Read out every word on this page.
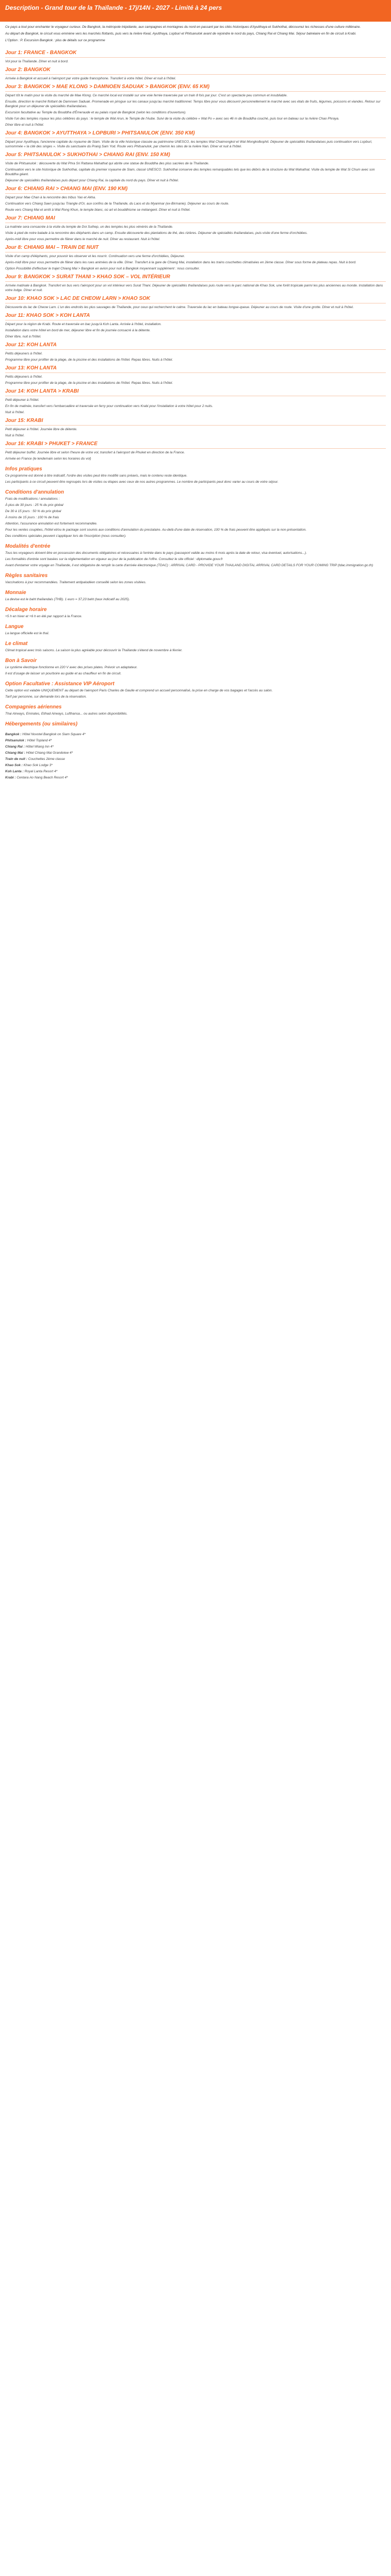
Description - Grand tour de la Thaïlande - 17j/14N - 2027 - Limité à 24 pers

Ce pays a tout pour enchanter le voyageur curieux. De Bangkok, la métropole trépidante, aux campagnes et montagnes du nord en passant par les cités historiques d'Ayutthaya et Sukhothai, découvrez les richesses d'une culture millénaire.

Au départ de Bangkok, le circuit vous emmène vers les marchés flottants, puis vers la rivière Kwaï, Ayutthaya, Lopburi et Phitsanulok avant de rejoindre le nord du pays, Chiang Rai et Chiang Mai. Séjour balnéaire en fin de circuit à Krabi.

L'Option : P. Excursion Bangkok : plus de détails sur ce programme

Jour 1: FRANCE - BANGKOK

Vol pour la Thaïlande. Dîner et nuit à bord.

Jour 2: BANGKOK

Arrivée à Bangkok et accueil à l'aéroport par votre guide francophone. Transfert à votre hôtel. Dîner et nuit à l'hôtel.

Jour 3: BANGKOK > MAE KLONG > DAMNOEN SADUAK > BANGKOK (ENV. 65 KM)

Départ tôt le matin pour la visite du marché de Mae Klong. Ce marché local est installé sur une voie ferrée traversée par un train 8 fois par jour. C'est un spectacle peu commun et inoubliable.

Ensuite, direction le marché flottant de Damnoen Saduak. Promenade en pirogue sur les canaux jusqu'au marché traditionnel. Temps libre pour vous découvrir personnellement le marché avec ses étals de fruits, légumes, poissons et viandes. Retour sur Bangkok pour un déjeuner de spécialités thaïlandaises.

Excursion facultative au Temple du Bouddha d'Émeraude et au palais royal de Bangkok (selon les conditions d'ouverture).

Visite l'un des temples royaux les plus célèbres du pays : le temple de Wat Arun, le Temple de l'Aube. Suivi de la visite du célèbre « Wat Po » avec ses 46 m de Bouddha couché, puis tour en bateau sur la rivière Chao Phraya.

Dîner libre et nuit à l'hôtel.

Jour 4: BANGKOK > AYUTTHAYA > LOPBURI > PHITSANULOK (ENV. 350 KM)

Départ pour Ayutthaya, l'ancienne capitale du royaume de Siam. Visite de la ville historique classée au patrimoine UNESCO, les temples Wat Chaimongkol et Wat Mongkolbophit. Déjeuner de spécialités thaïlandaises puis continuation vers Lopburi, surnommée « la cité des singes ». Visite du sanctuaire du Prang Sam Yod. Route vers Phitsanulok, par chemin les sites de la rivière Nan. Dîner et nuit à l'hôtel.

Jour 5: PHITSANULOK > SUKHOTHAI > CHIANG RAI (ENV. 150 KM)

Visite de Phitsanulok : découverte du Wat Phra Sri Rattana Mahathat qui abrite une statue de Bouddha des plus sacrées de la Thaïlande.

Continuation vers le site historique de Sukhothai, capitale du premier royaume de Siam, classé UNESCO. Sukhothai conserve des temples remarquables tels que les débris de la structure du Wat Mahathat. Visite du temple de Wat Si Chum avec son Bouddha géant.

Déjeuner de spécialités thaïlandaises puis départ pour Chiang Rai, la capitale du nord du pays. Dîner et nuit à l'hôtel.

Jour 6: CHIANG RAI > CHIANG MAI (ENV. 190 KM)

Départ pour Mae Chan à la rencontre des tribus Yao et Akha.

Continuation vers Chiang Saen jusqu'au Triangle d'Or, aux confins de la Thaïlande, du Laos et du Myanmar (ex-Birmanie). Déjeuner au cours de route.

Route vers Chiang Mai et arrêt à Wat Rong Khun, le temple blanc, où art et bouddhisme se mélangent. Dîner et nuit à l'hôtel.

Jour 7: CHIANG MAI

La matinée sera consacrée à la visite du temple de Doi Suthep, un des temples les plus vénérés de la Thaïlande.

Visite à pied de notre balade à la rencontre des éléphants dans un camp. Ensuite découverte des plantations de thé, des rizières. Déjeuner de spécialités thaïlandaises, puis visite d'une ferme d'orchidées.

Après-midi libre pour vous permettre de flâner dans le marché de nuit. Dîner au restaurant. Nuit à l'hôtel.

Jour 8: CHIANG MAI – TRAIN DE NUIT

Visite d'un camp d'éléphants, pour pouvoir les observer et les nourrir. Continuation vers une ferme d'orchidées, Déjeuner.

Après-midi libre pour vous permettre de flâner dans les rues animées de la ville. Dîner. Transfert à la gare de Chiang Mai, installation dans les trains couchettes climatisées en 2ème classe. Dîner sous forme de plateau repas. Nuit à bord.

Option Possibilité d'effectuer le trajet Chiang Mai > Bangkok en avion pour nuit à Bangkok moyennant supplément : nous consulter.

Jour 9: BANGKOK > SURAT THANI > KHAO SOK – VOL INTÉRIEUR

Arrivée matinale à Bangkok. Transfert en bus vers l'aéroport pour un vol intérieur vers Surat Thani. Déjeuner de spécialités thaïlandaises puis route vers le parc national de Khao Sok, une forêt tropicale parmi les plus anciennes au monde. Installation dans votre lodge. Dîner et nuit.

Jour 10: KHAO SOK > LAC DE CHEOW LARN > KHAO SOK

Découverte du lac de Cheow Larn. L'un des endroits les plus sauvages de Thaïlande, pour ceux qui recherchent le calme. Traversée du lac en bateau longue-queue. Déjeuner au cours de route. Visite d'une grotte. Dîner et nuit à l'hôtel.

Jour 11: KHAO SOK > KOH LANTA

Départ pour la région de Krabi. Route et traversée en bac jusqu'à Koh Lanta. Arrivée à l'hôtel, installation.

Installation dans votre hôtel en bord de mer, déjeuner libre et fin de journée consacré à la détente.

Dîner libre, nuit à l'hôtel.

Jour 12: KOH LANTA

Petits déjeuners à l'hôtel.

Programme libre pour profiter de la plage, de la piscine et des installations de l'hôtel. Repas libres. Nuits à l'hôtel.

Jour 13: KOH LANTA

Petits déjeuners à l'hôtel.

Programme libre pour profiter de la plage, de la piscine et des installations de l'hôtel. Repas libres. Nuits à l'hôtel.

Jour 14: KOH LANTA > KRABI

Petit déjeuner à l'hôtel.

En fin de matinée, transfert vers l'embarcadère et traversée en ferry pour continuation vers Krabi pour l'installation à votre hôtel pour 2 nuits.

Nuit à l'hôtel.

Jour 15: KRABI

Petit déjeuner à l'hôtel. Journée libre de détente.

Nuit à l'hôtel.

Jour 16: KRABI > PHUKET > FRANCE

Petit déjeuner buffet. Journée libre et selon l'heure de votre vol, transfert à l'aéroport de Phuket en direction de la France.

Arrivée en France (le lendemain selon les horaires du vol)

Infos pratiques

Ce programme est donné à titre indicatif, l'ordre des visites peut être modifié sans préavis, mais le contenu reste identique.

Les participants à ce circuit peuvent être regroupés lors de visites ou étapes avec ceux de nos autres programmes. Le nombre de participants peut donc varier au cours de votre séjour.

Conditions d'annulation

Frais de modifications / annulations :

À plus de 30 jours : 25 % du prix global

De 30 à 15 jours : 50 % du prix global

À moins de 15 jours : 100 % de frais

Attention, l'assurance annulation est fortement recommandée.

Pour les ventes couplées, l'hôtel et/ou le package sont soumis aux conditions d'annulation du prestataire. Au-delà d'une date de réservation, 100 % de frais peuvent être appliqués sur la non-présentation.

Des conditions spéciales peuvent s'appliquer lors de l'inscription (nous consulter).

Modalités d'entrée

Tous les voyageurs doivent être en possession des documents obligatoires et nécessaires à l'entrée dans le pays (passeport valide au moins 6 mois après la date de retour, visa éventuel, autorisations...).

Les formalités d'entrée sont basées sur la réglementation en vigueur au jour de la publication de l'offre. Consultez le site officiel : diplomatie.gouv.fr

Avant d'entamer votre voyage en Thaïlande, il est obligatoire de remplir la carte d'arrivée électronique (TDAC) : ARRIVAL CARD - PROVIDE YOUR THAILAND DIGITAL ARRIVAL CARD DETAILS FOR YOUR COMING TRIP (tdac.immigration.go.th)

Règles sanitaires

Vaccinations à jour recommandées. Traitement antipaludéen conseillé selon les zones visitées.

Monnaie

La devise est le baht thaïlandais (THB). 1 euro = 37,23 baht (taux indicatif au 2025).

Décalage horaire

+5 h en hiver et +6 h en été par rapport à la France.

Langue

La langue officielle est le thaï.

Le climat

Climat tropical avec trois saisons. La saison la plus agréable pour découvrir la Thaïlande s'étend de novembre à février.

Bon à Savoir

Le système électrique fonctionne en 220 V avec des prises plates. Prévoir un adaptateur.

Il est d'usage de laisser un pourboire au guide et au chauffeur en fin de circuit.

Option Facultative : Assistance VIP Aéroport

Cette option est valable UNIQUEMENT au départ de l'aéroport Paris Charles de Gaulle et comprend un accueil personnalisé, la prise en charge de vos bagages et l'accès au salon.

Tarif par personne, sur demande lors de la réservation.

Compagnies aériennes

Thai Airways, Emirates, Etihad Airways, Lufthansa... ou autres selon disponibilités.

Hébergements (ou similaires)

Bangkok : Hôtel Novotel Bangkok on Siam Square 4*

Phitsanulok : Hôtel Topland 4*

Chiang Rai : Hôtel Wiang Inn 4*

Chiang Mai : Hôtel Chiang Mai Grandview 4*

Train de nuit : Couchettes 2ème classe

Khao Sok : Khao Sok Lodge 3*

Koh Lanta : Royal Lanta Resort 4*

Krabi : Centara Ao Nang Beach Resort 4*
